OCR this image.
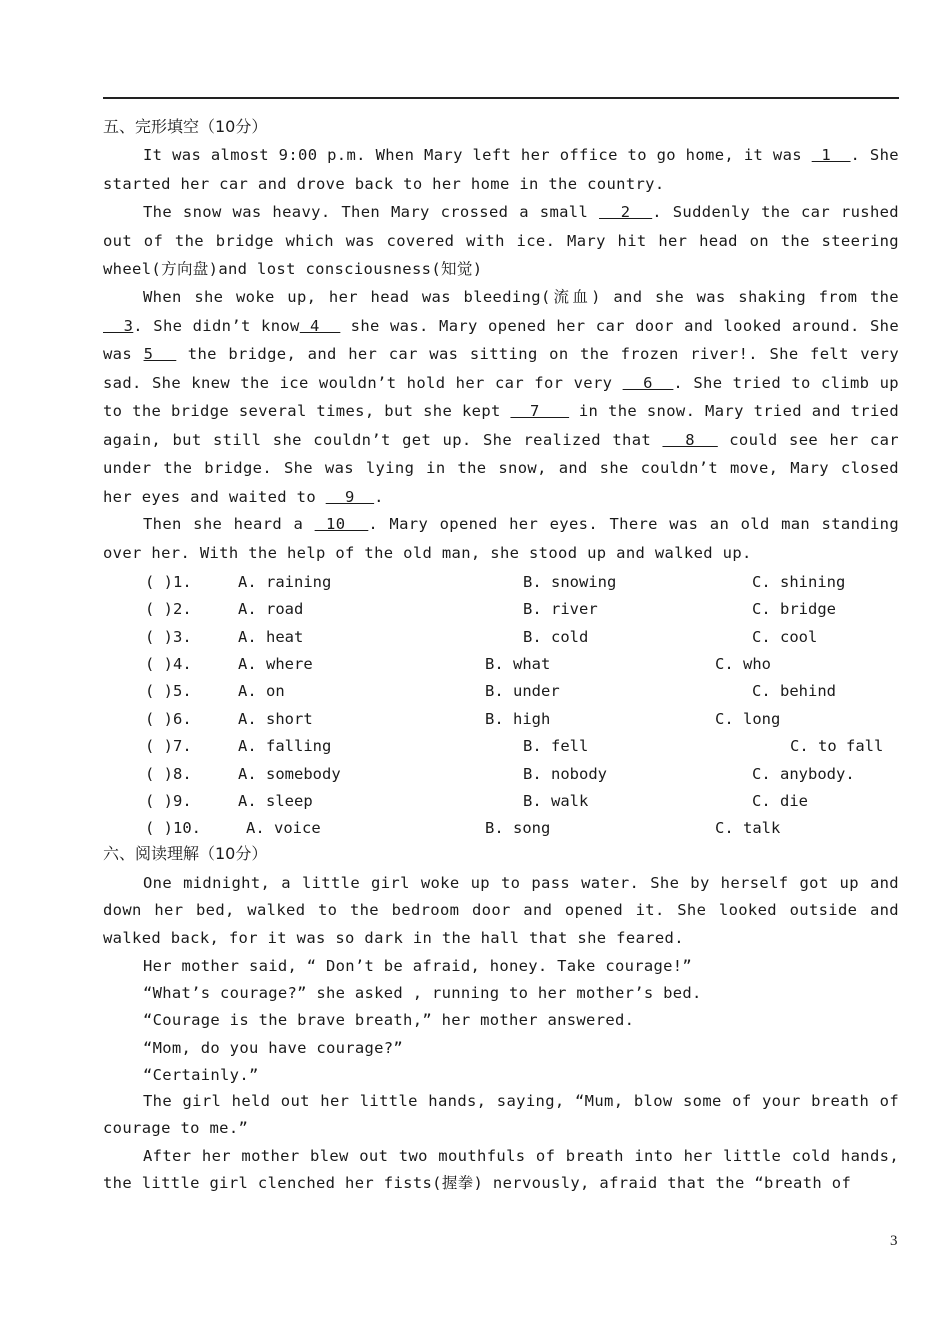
五、完形填空（10分）

It was almost 9:00 p.m. When Mary left her office to go home, it was  1  . She started her car and drove back to her home in the country.

The snow was heavy. Then Mary crossed a small   2  . Suddenly the car rushed out of the bridge which was covered with ice. Mary hit her head on the steering wheel(方向盘)and lost consciousness(知觉)

When she woke up, her head was bleeding(流血) and she was shaking from the   3. She didn’t know 4   she was. Mary opened her car door and looked around. She was 5   the bridge, and her car was sitting on the frozen river!. She felt very sad. She knew the ice wouldn’t hold her car for very   6  . She tried to climb up to the bridge several times, but she kept   7    in the snow. Mary tried and tried again, but still she couldn’t get up. She realized that   8   could see her car under the bridge. She was lying in the snow, and she couldn’t move, Mary closed her eyes and waited to   9  .

Then she heard a  10  . Mary opened her eyes. There was an old man standing over her. With the help of the old man, she stood up and walked up.

( )1.	A. raining	B. snowing	C. shining
( )2.	A. road	B. river	C. bridge
( )3.	A. heat	B. cold	C. cool
( )4.	A. where	B. what	C. who
( )5.	A. on	B. under	C. behind
( )6.	A. short	B. high	C. long
( )7.	A. falling	B. fell	C. to fall
( )8.	A. somebody	B. nobody	C. anybody.
( )9.	A. sleep	B. walk	C. die
( )10.	A. voice	B. song	C. talk
六、阅读理解（10分）

One midnight, a little girl woke up to pass water. She by herself got up and down her bed, walked to the bedroom door and opened it. She looked outside and walked back, for it was so dark in the hall that she feared.

Her mother said, “ Don’t be afraid, honey. Take courage!”
“What’s courage?” she asked , running to her mother’s bed.
“Courage is the brave breath,” her mother answered.
“Mom, do you have courage?”
“Certainly.”

The girl held out her little hands, saying, “Mum, blow some of your breath of courage to me.”

After her mother blew out two mouthfuls of breath into her little cold hands, the little girl clenched her fists(握拳) nervously, afraid that the “breath of

3
